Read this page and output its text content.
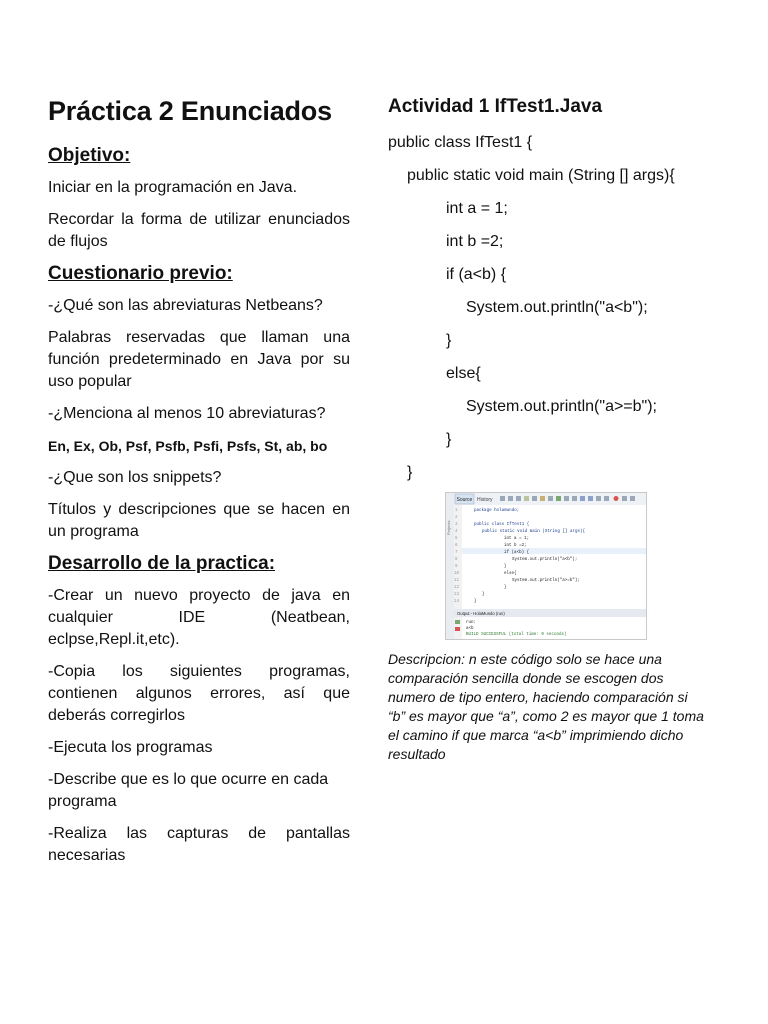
Práctica 2 Enunciados
Objetivo:

Iniciar en la programación en Java.

Recordar la forma de utilizar enunciados de flujos

Cuestionario previo:

-¿Qué son las abreviaturas Netbeans?

Palabras reservadas que llaman una función predeterminado en Java por su uso popular

-¿Menciona al menos 10 abreviaturas?

En, Ex, Ob, Psf, Psfb, Psfi, Psfs, St, ab, bo

-¿Que son los snippets?

Títulos y descripciones que se hacen en un programa

Desarrollo de la practica:

-Crear un nuevo proyecto de java en cualquier IDE (Neatbean, eclpse,Repl.it,etc).

-Copia los siguientes programas, contienen algunos errores, así que deberás corregirlos

-Ejecuta los programas

-Describe que es lo que ocurre en cada programa

-Realiza las capturas de pantallas necesarias

Actividad 1 IfTest1.Java
public class IfTest1 {
public static void main (String [] args){
int a = 1;
int b =2;
if (a<b) {
System.out.println("a<b");
}
else{
System.out.println("a>=b");
}
}
Projects
Source History
1
2
3
4
5
6
7
8
9
10
11
12
13
14
package holamundo;
public class IfTest1 {
public static void main (String [] args){
int a = 1;
int b =2;
if (a<b) {
System.out.println("a<b");
}
else{
System.out.println("a>=b");
}
}
}
Output - HolaMundo (run)
run:
a<b
BUILD SUCCESSFUL (total time: 0 seconds)

Descripcion: n este código solo se hace una comparación sencilla donde se escogen dos numero de tipo entero, haciendo comparación si “b” es mayor que “a”, como 2 es mayor que 1 toma el camino if que marca “a<b” imprimiendo dicho resultado
